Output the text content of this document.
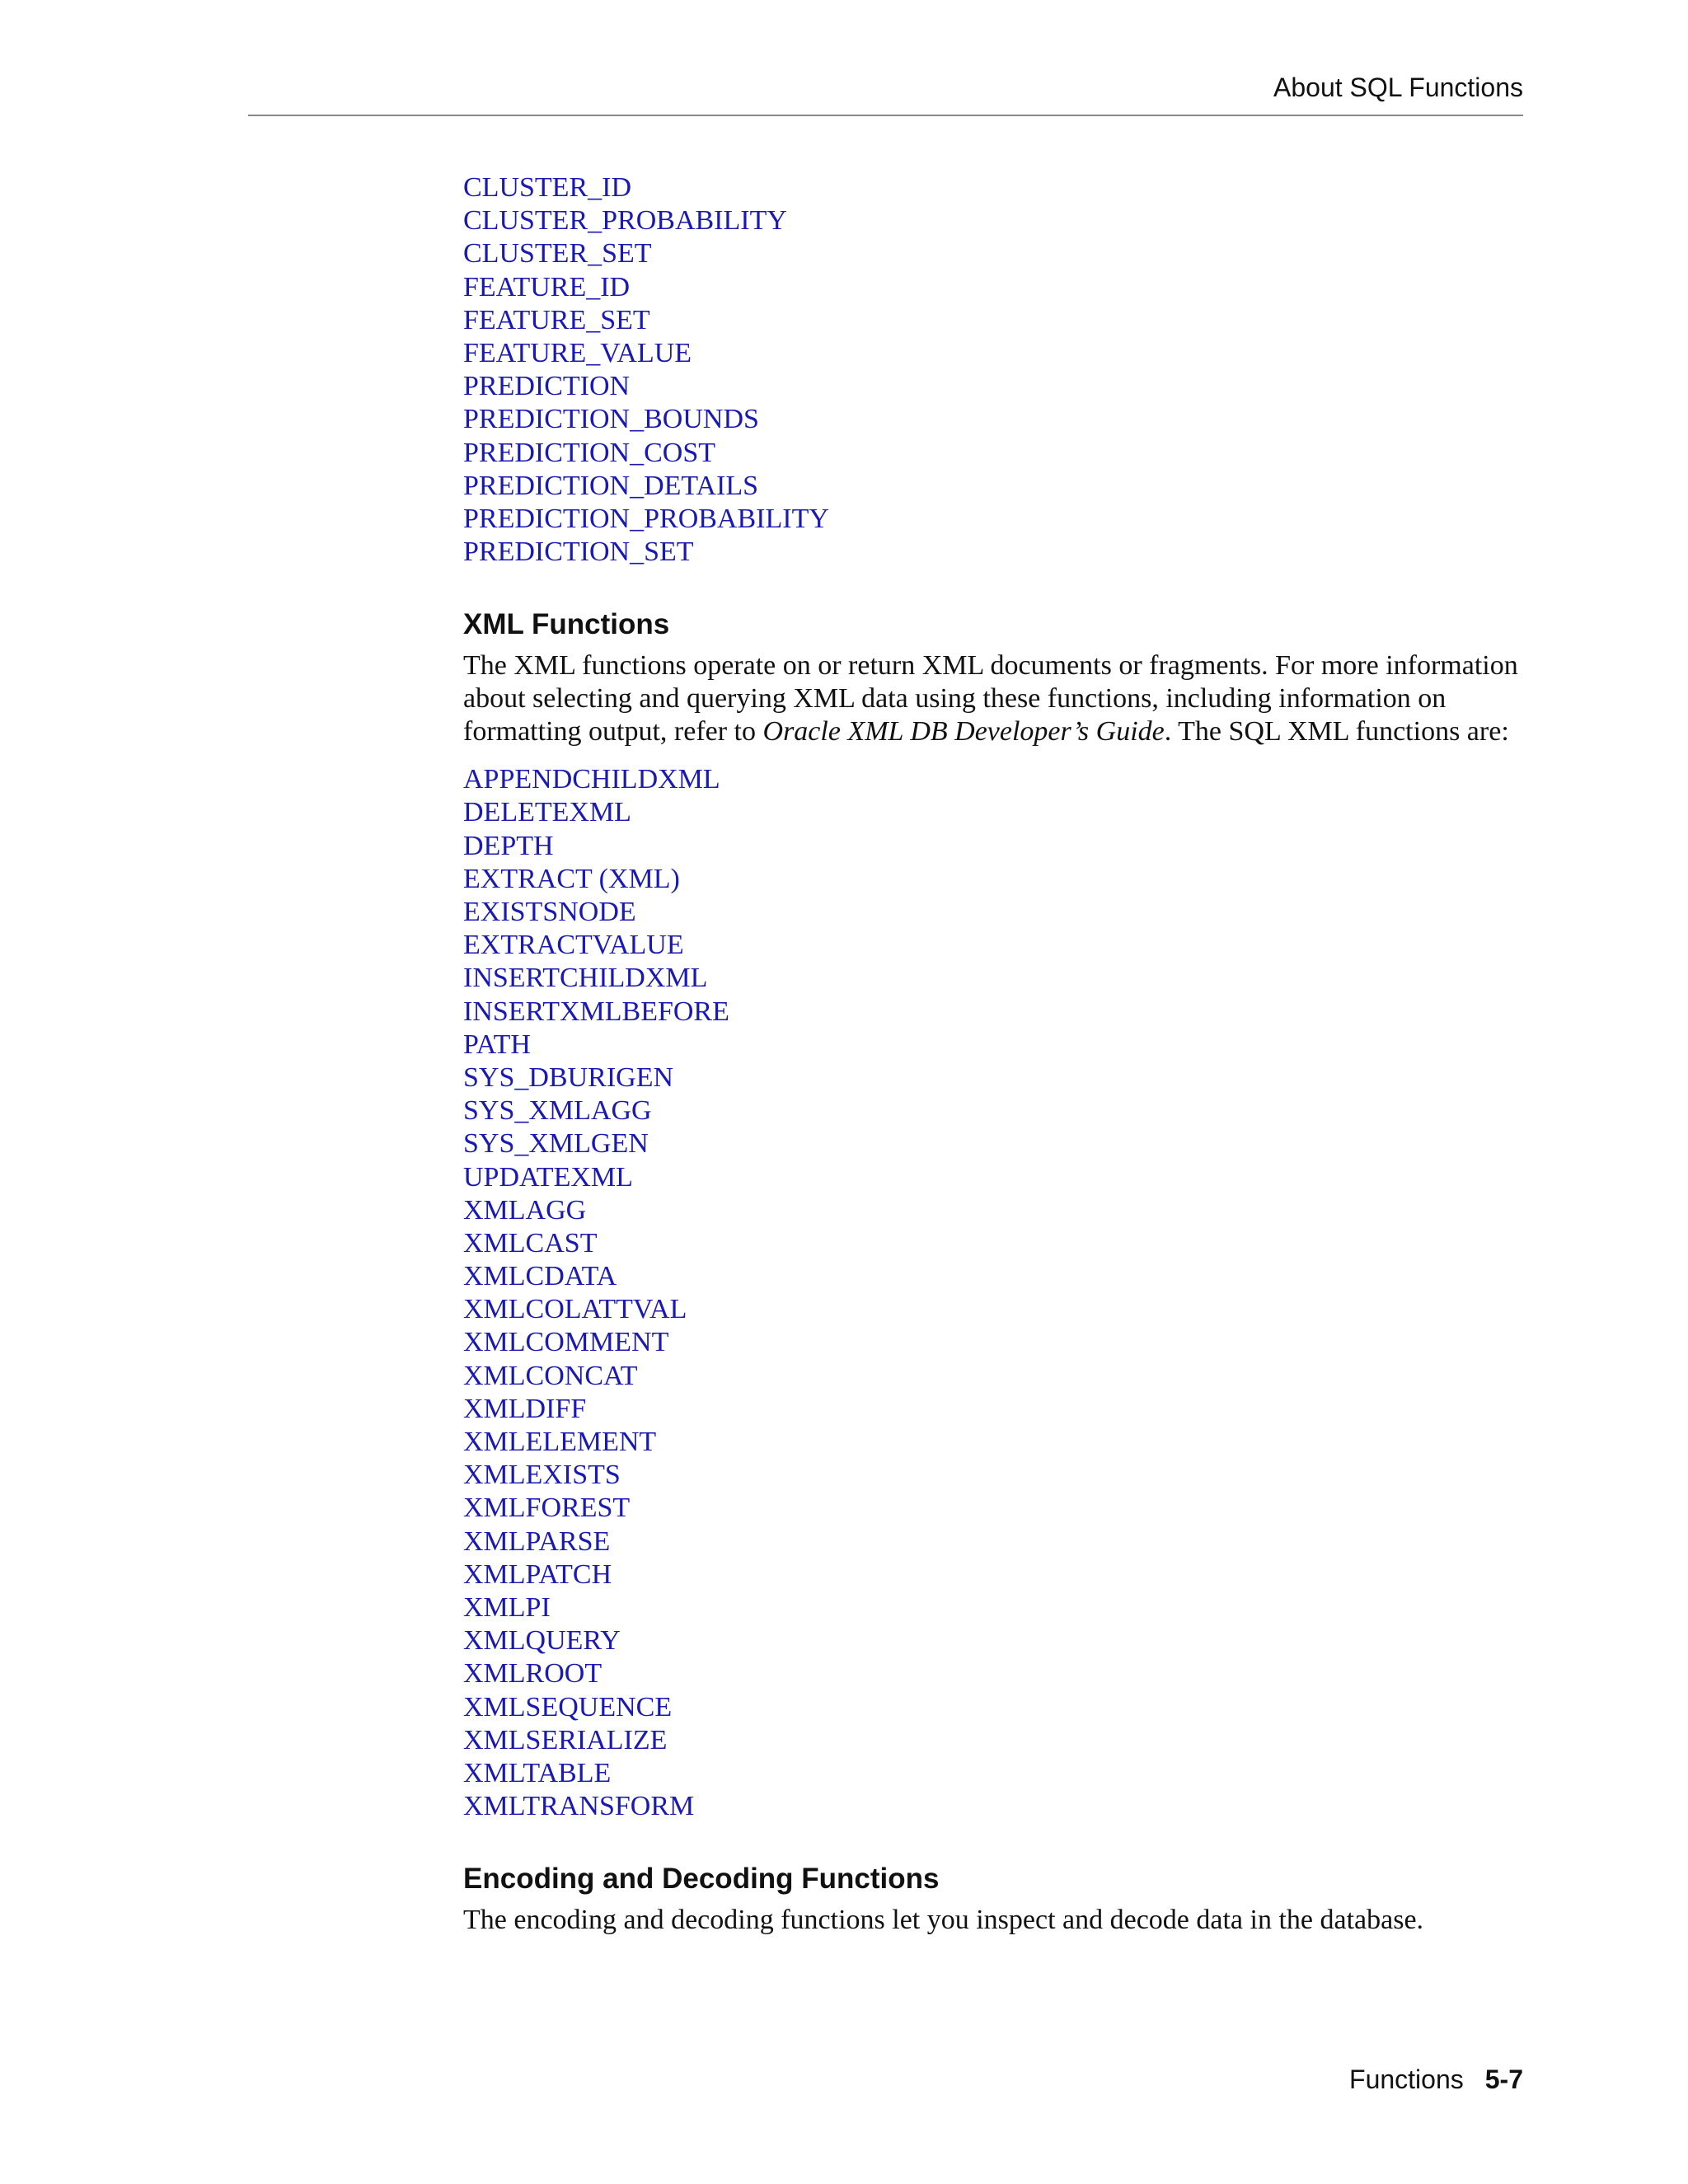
About SQL Functions
CLUSTER_ID
CLUSTER_PROBABILITY
CLUSTER_SET
FEATURE_ID
FEATURE_SET
FEATURE_VALUE
PREDICTION
PREDICTION_BOUNDS
PREDICTION_COST
PREDICTION_DETAILS
PREDICTION_PROBABILITY
PREDICTION_SET
XML Functions

The XML functions operate on or return XML documents or fragments. For more information about selecting and querying XML data using these functions, including information on formatting output, refer to Oracle XML DB Developer’s Guide. The SQL XML functions are:

APPENDCHILDXML
DELETEXML
DEPTH
EXTRACT (XML)
EXISTSNODE
EXTRACTVALUE
INSERTCHILDXML
INSERTXMLBEFORE
PATH
SYS_DBURIGEN
SYS_XMLAGG
SYS_XMLGEN
UPDATEXML
XMLAGG
XMLCAST
XMLCDATA
XMLCOLATTVAL
XMLCOMMENT
XMLCONCAT
XMLDIFF
XMLELEMENT
XMLEXISTS
XMLFOREST
XMLPARSE
XMLPATCH
XMLPI
XMLQUERY
XMLROOT
XMLSEQUENCE
XMLSERIALIZE
XMLTABLE
XMLTRANSFORM
Encoding and Decoding Functions

The encoding and decoding functions let you inspect and decode data in the database.

Functions 5-7
